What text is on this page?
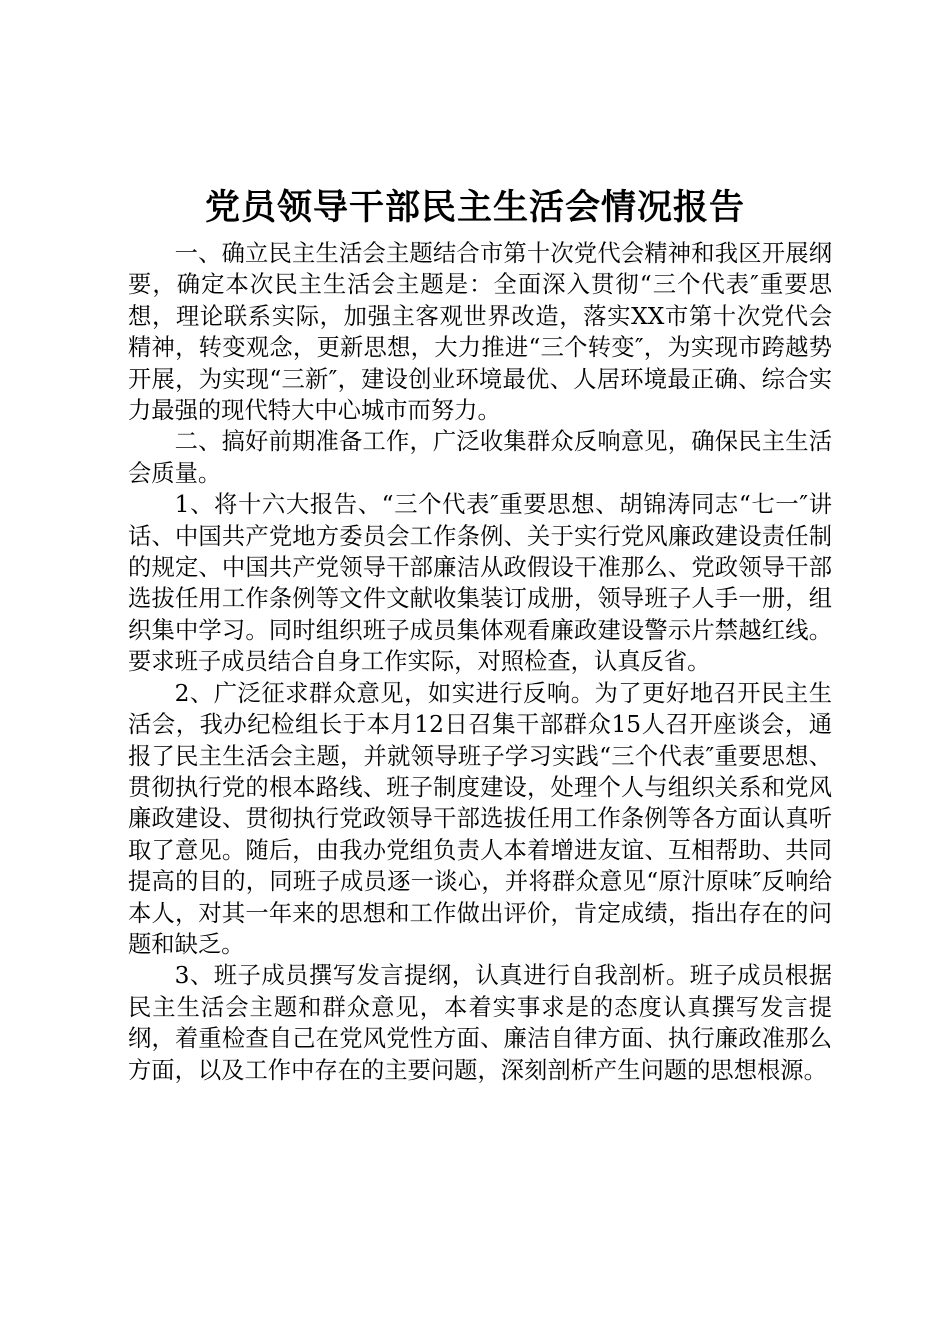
党员领导干部民主生活会情况报告

一、确立民主生活会主题结合市第十次党代会精神和我区开展纲要，确定本次民主生活会主题是：全面深入贯彻“三个代表″重要思想，理论联系实际，加强主客观世界改造，落实XX市第十次党代会精神，转变观念，更新思想，大力推进“三个转变″，为实现市跨越势开展，为实现“三新″，建设创业环境最优、人居环境最正确、综合实力最强的现代特大中心城市而努力。

二、搞好前期准备工作，广泛收集群众反响意见，确保民主生活会质量。

1、将十六大报告、“三个代表″重要思想、胡锦涛同志“七一″讲话、中国共产党地方委员会工作条例、关于实行党风廉政建设责任制的规定、中国共产党领导干部廉洁从政假设干准那么、党政领导干部选拔任用工作条例等文件文献收集装订成册，领导班子人手一册，组织集中学习。同时组织班子成员集体观看廉政建设警示片禁越红线。要求班子成员结合自身工作实际，对照检查，认真反省。

2、广泛征求群众意见，如实进行反响。为了更好地召开民主生活会，我办纪检组长于本月12日召集干部群众15人召开座谈会，通报了民主生活会主题，并就领导班子学习实践“三个代表″重要思想、贯彻执行党的根本路线、班子制度建设，处理个人与组织关系和党风廉政建设、贯彻执行党政领导干部选拔任用工作条例等各方面认真听取了意见。随后，由我办党组负责人本着增进友谊、互相帮助、共同提高的目的，同班子成员逐一谈心，并将群众意见“原汁原味″反响给本人，对其一年来的思想和工作做出评价，肯定成绩，指出存在的问题和缺乏。

3、班子成员撰写发言提纲，认真进行自我剖析。班子成员根据民主生活会主题和群众意见，本着实事求是的态度认真撰写发言提纲，着重检查自己在党风党性方面、廉洁自律方面、执行廉政准那么方面，以及工作中存在的主要问题，深刻剖析产生问题的思想根源。
